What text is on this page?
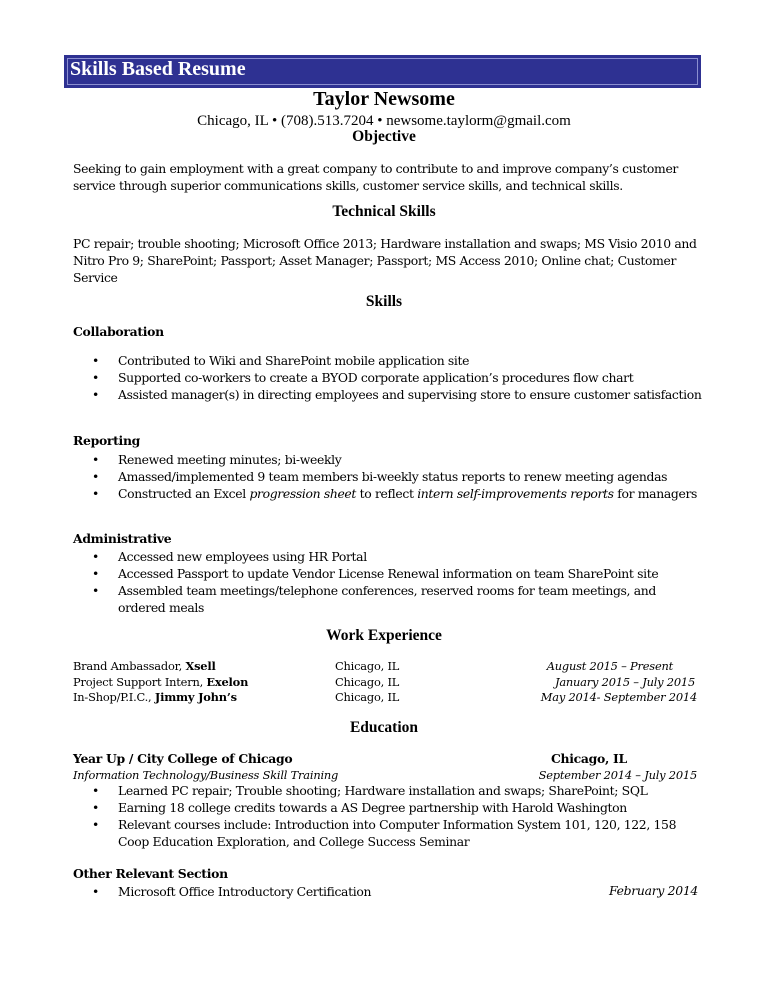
Skills Based Resume
Taylor Newsome
Chicago, IL • (708).513.7204 • newsome.taylorm@gmail.com
Objective
Seeking to gain employment with a great company to contribute to and improve company’s customer service through superior communications skills, customer service skills, and technical skills.
Technical Skills
PC repair; trouble shooting; Microsoft Office 2013; Hardware installation and swaps; MS Visio 2010 and Nitro Pro 9; SharePoint; Passport; Asset Manager; Passport; MS Access 2010; Online chat; Customer Service
Skills
Collaboration
• Contributed to Wiki and SharePoint mobile application site
• Supported co-workers to create a BYOD corporate application’s procedures flow chart
• Assisted manager(s) in directing employees and supervising store to ensure customer satisfaction
Reporting
• Renewed meeting minutes; bi-weekly
• Amassed/implemented 9 team members bi-weekly status reports to renew meeting agendas
• Constructed an Excel progression sheet to reflect intern self-improvements reports for managers
Administrative
• Accessed new employees using HR Portal
• Accessed Passport to update Vendor License Renewal information on team SharePoint site
• Assembled team meetings/telephone conferences, reserved rooms for team meetings, and ordered meals
Work Experience
Brand Ambassador, Xsell	Chicago, IL	August 2015 – Present
Project Support Intern, Exelon	Chicago, IL	January 2015 – July 2015
In-Shop/P.I.C., Jimmy John’s	Chicago, IL	May 2014- September 2014
Education
Year Up / City College of Chicago	Chicago, IL
Information Technology/Business Skill Training	September 2014 – July 2015
• Learned PC repair; Trouble shooting; Hardware installation and swaps; SharePoint; SQL
• Earning 18 college credits towards a AS Degree partnership with Harold Washington
• Relevant courses include: Introduction into Computer Information System 101, 120, 122, 158 Coop Education Exploration, and College Success Seminar
Other Relevant Section
• Microsoft Office Introductory Certification	February 2014
